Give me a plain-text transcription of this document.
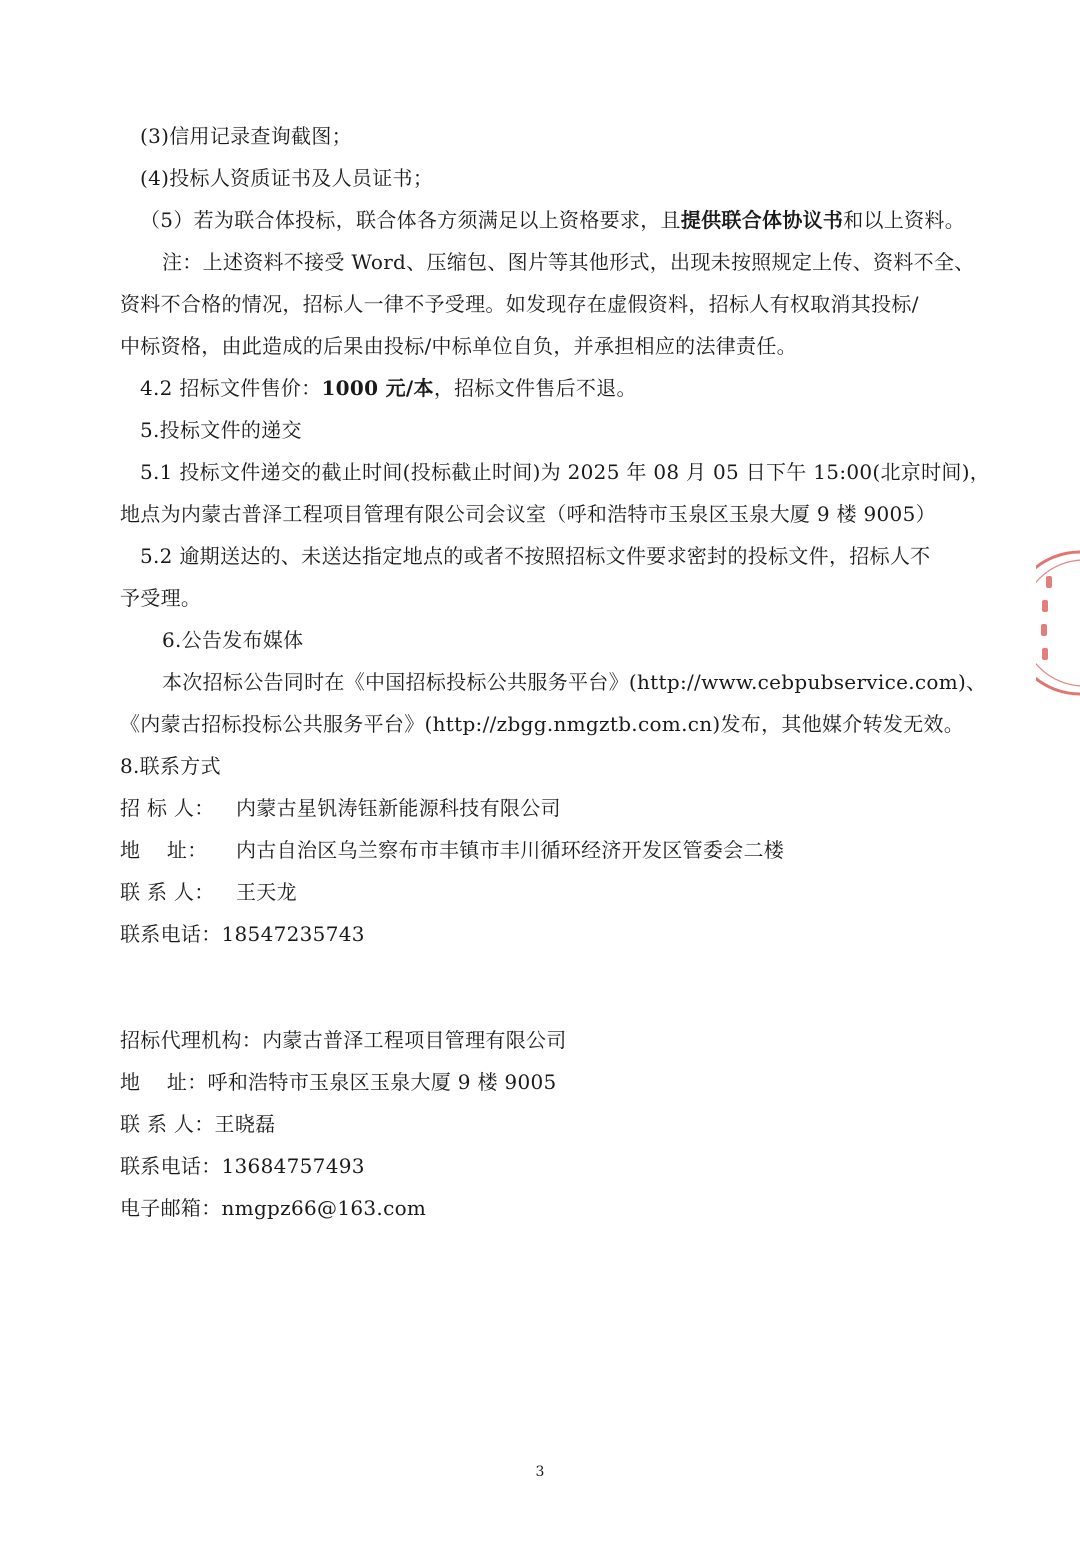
(3)信用记录查询截图；
(4)投标人资质证书及人员证书；
（5）若为联合体投标，联合体各方须满足以上资格要求，且提供联合体协议书和以上资料。
注：上述资料不接受 Word、压缩包、图片等其他形式，出现未按照规定上传、资料不全、
资料不合格的情况，招标人一律不予受理。如发现存在虚假资料，招标人有权取消其投标/
中标资格，由此造成的后果由投标/中标单位自负，并承担相应的法律责任。
4.2 招标文件售价：1000 元/本，招标文件售后不退。
5.投标文件的递交
5.1 投标文件递交的截止时间(投标截止时间)为 2025 年 08 月 05 日下午 15:00(北京时间)，
地点为内蒙古普泽工程项目管理有限公司会议室（呼和浩特市玉泉区玉泉大厦 9 楼 9005）
5.2 逾期送达的、未送达指定地点的或者不按照招标文件要求密封的投标文件，招标人不
予受理。
6.公告发布媒体
本次招标公告同时在《中国招标投标公共服务平台》(http://www.cebpubservice.com)、
《内蒙古招标投标公共服务平台》(http://zbgg.nmgztb.com.cn)发布，其他媒介转发无效。
8.联系方式
招 标 人： 内蒙古星钒涛钰新能源科技有限公司
地    址： 内古自治区乌兰察布市丰镇市丰川循环经济开发区管委会二楼
联 系 人： 王天龙
联系电话：18547235743
招标代理机构：内蒙古普泽工程项目管理有限公司
地    址：呼和浩特市玉泉区玉泉大厦 9 楼 9005
联 系 人：王晓磊
联系电话：13684757493
电子邮箱：nmgpz66@163.com
3
